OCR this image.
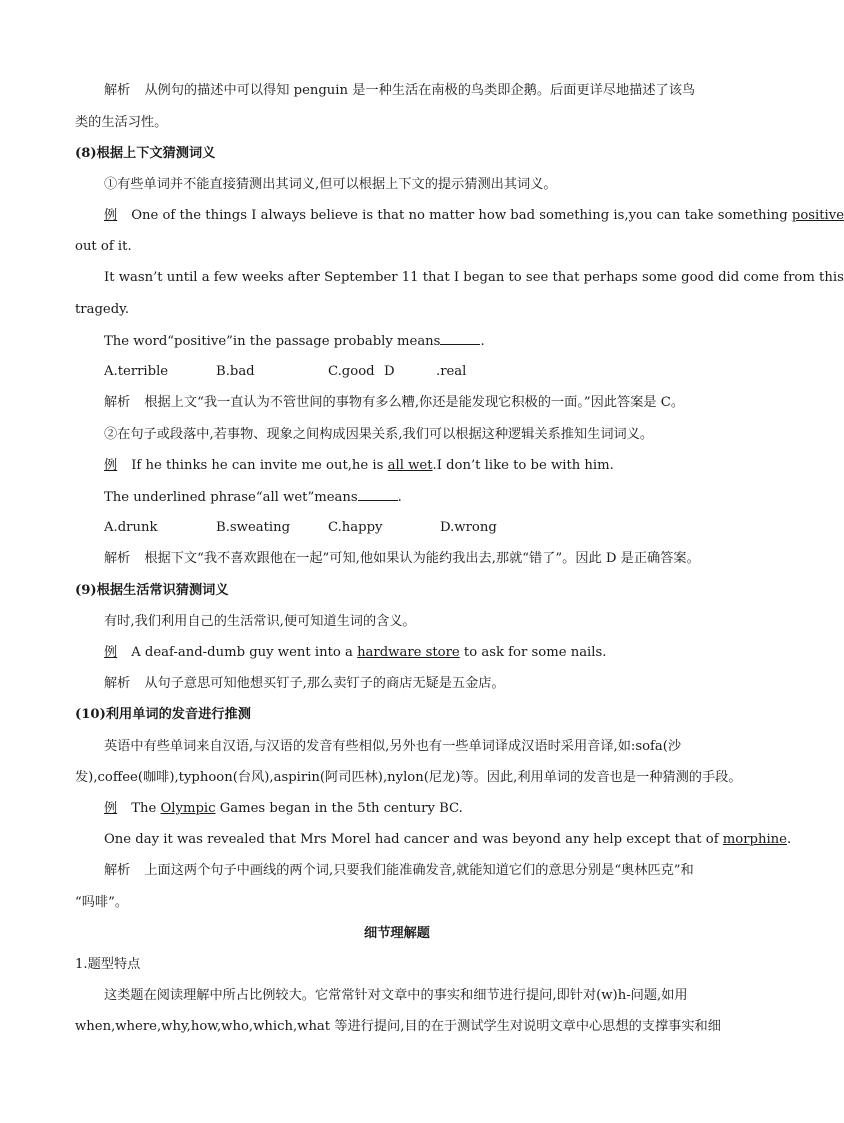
解析 从例句的描述中可以得知 penguin 是一种生活在南极的鸟类即企鹅。后面更详尽地描述了该鸟
类的生活习性。
(8)根据上下文猜测词义
①有些单词并不能直接猜测出其词义,但可以根据上下文的提示猜测出其词义。
例 One of the things I always believe is that no matter how bad something is,you can take something positive
out of it.
It wasn’t until a few weeks after September 11 that I began to see that perhaps some good did come from this
tragedy.
The word“positive”in the passage probably means	.
A.terrible	B.bad	C.good D	.real
解析 根据上文“我一直认为不管世间的事物有多么糟,你还是能发现它积极的一面。”因此答案是 C。
②在句子或段落中,若事物、现象之间构成因果关系,我们可以根据这种逻辑关系推知生词词义。
例 If he thinks he can invite me out,he is all wet.I don’t like to be with him.
The underlined phrase“all wet”means	.
A.drunk	B.sweating	C.happy	D.wrong
解析 根据下文“我不喜欢跟他在一起”可知,他如果认为能约我出去,那就“错了”。因此 D 是正确答案。
(9)根据生活常识猜测词义
有时,我们利用自己的生活常识,便可知道生词的含义。
例 A deaf-and-dumb guy went into a hardware store to ask for some nails.
解析 从句子意思可知他想买钉子,那么卖钉子的商店无疑是五金店。
(10)利用单词的发音进行推测
英语中有些单词来自汉语,与汉语的发音有些相似,另外也有一些单词译成汉语时采用音译,如:sofa(沙
发),coffee(咖啡),typhoon(台风),aspirin(阿司匹林),nylon(尼龙)等。因此,利用单词的发音也是一种猜测的手段。
例 The Olympic Games began in the 5th century BC.
One day it was revealed that Mrs Morel had cancer and was beyond any help except that of morphine.
解析 上面这两个句子中画线的两个词,只要我们能准确发音,就能知道它们的意思分别是“奥林匹克”和
“吗啡”。
细节理解题
1.题型特点
这类题在阅读理解中所占比例较大。它常常针对文章中的事实和细节进行提问,即针对(w)h-问题,如用
when,where,why,how,who,which,what 等进行提问,目的在于测试学生对说明文章中心思想的支撑事实和细
